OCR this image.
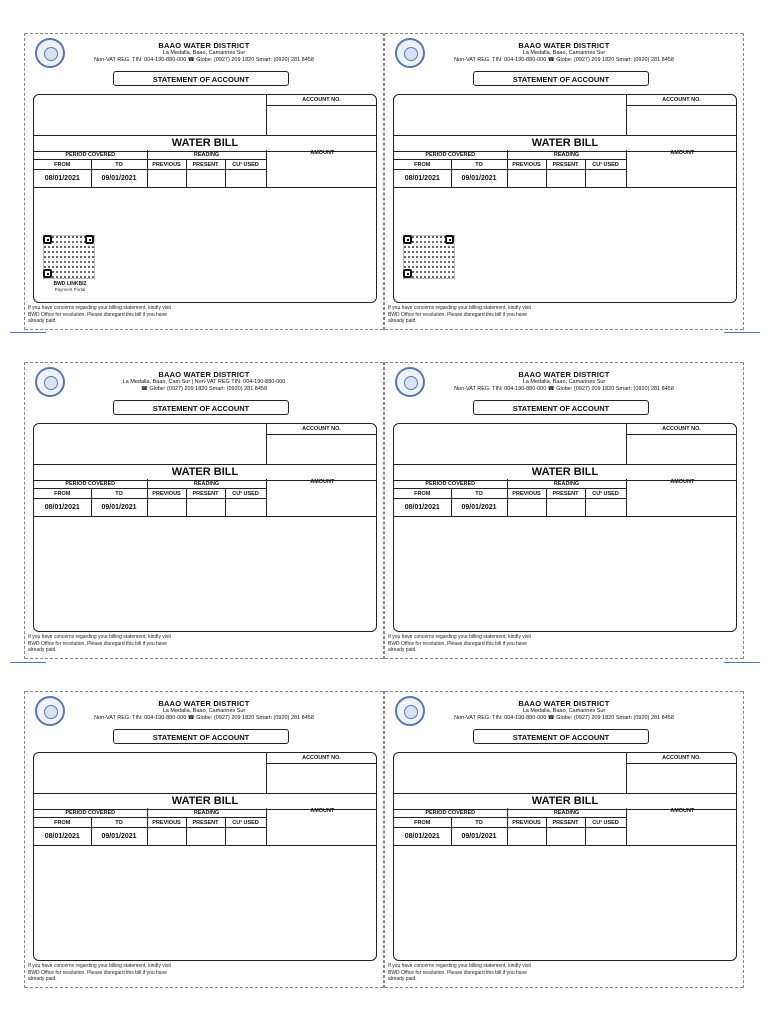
BAAO WATER DISTRICT
La Medalla, Baao, Camarines Sur
Non-VAT REG. TIN: 004-190-880-000 ☎ Globe: (0927) 209 1820 Smart: (0920) 281 8458
STATEMENT OF ACCOUNT
ACCOUNT NO.
WATER BILL
PERIOD COVERED		READING			AMOUNT
FROM	TO	PREVIOUS	PRESENT	CU³ USED	
08/01/2021	09/01/2021				
BWD LINKBIZ
Payment Portal
If you have concerns regarding your billing statement, kindly visit
BWD Office for resolution. Please disregard this bill if you have
already paid.
BAAO WATER DISTRICT
La Medalla, Baao, Camarines Sur
Non-VAT REG. TIN: 004-190-880-000 ☎ Globe: (0927) 209 1820 Smart: (0920) 281 8458
STATEMENT OF ACCOUNT
ACCOUNT NO.
WATER BILL
PERIOD COVERED		READING			AMOUNT
FROM	TO	PREVIOUS	PRESENT	CU³ USED	
08/01/2021	09/01/2021				
If you have concerns regarding your billing statement, kindly visit
BWD Office for resolution. Please disregard this bill if you have
already paid.
BAAO WATER DISTRICT
La Medalla, Baao, Cam Sur | Non-VAT REG TIN: 004-190-880-000
☎ Globe: (0927) 209 1820 Smart: (0920) 281 8458
STATEMENT OF ACCOUNT
ACCOUNT NO.
WATER BILL
PERIOD COVERED		READING			AMOUNT
FROM	TO	PREVIOUS	PRESENT	CU³ USED	
08/01/2021	09/01/2021				
If you have concerns regarding your billing statement, kindly visit
BWD Office for resolution. Please disregard this bill if you have
already paid.
BAAO WATER DISTRICT
La Medalla, Baao, Camarines Sur
Non-VAT REG. TIN: 004-190-880-000 ☎ Globe: (0927) 209 1820 Smart: (0920) 281 8458
STATEMENT OF ACCOUNT
ACCOUNT NO.
WATER BILL
PERIOD COVERED		READING			AMOUNT
FROM	TO	PREVIOUS	PRESENT	CU³ USED	
08/01/2021	09/01/2021				
If you have concerns regarding your billing statement, kindly visit
BWD Office for resolution. Please disregard this bill if you have
already paid.
BAAO WATER DISTRICT
La Medalla, Baao, Camarines Sur
Non-VAT REG. TIN: 004-190-880-000 ☎ Globe: (0927) 209 1820 Smart: (0920) 281 8458
STATEMENT OF ACCOUNT
ACCOUNT NO.
WATER BILL
PERIOD COVERED		READING			AMOUNT
FROM	TO	PREVIOUS	PRESENT	CU³ USED	
08/01/2021	09/01/2021				
If you have concerns regarding your billing statement, kindly visit
BWD Office for resolution. Please disregard this bill if you have
already paid.
BAAO WATER DISTRICT
La Medalla, Baao, Camarines Sur
Non-VAT REG. TIN: 004-190-880-000 ☎ Globe: (0927) 209 1820 Smart: (0920) 281 8458
STATEMENT OF ACCOUNT
ACCOUNT NO.
WATER BILL
PERIOD COVERED		READING			AMOUNT
FROM	TO	PREVIOUS	PRESENT	CU³ USED	
08/01/2021	09/01/2021				
If you have concerns regarding your billing statement, kindly visit
BWD Office for resolution. Please disregard this bill if you have
already paid.
